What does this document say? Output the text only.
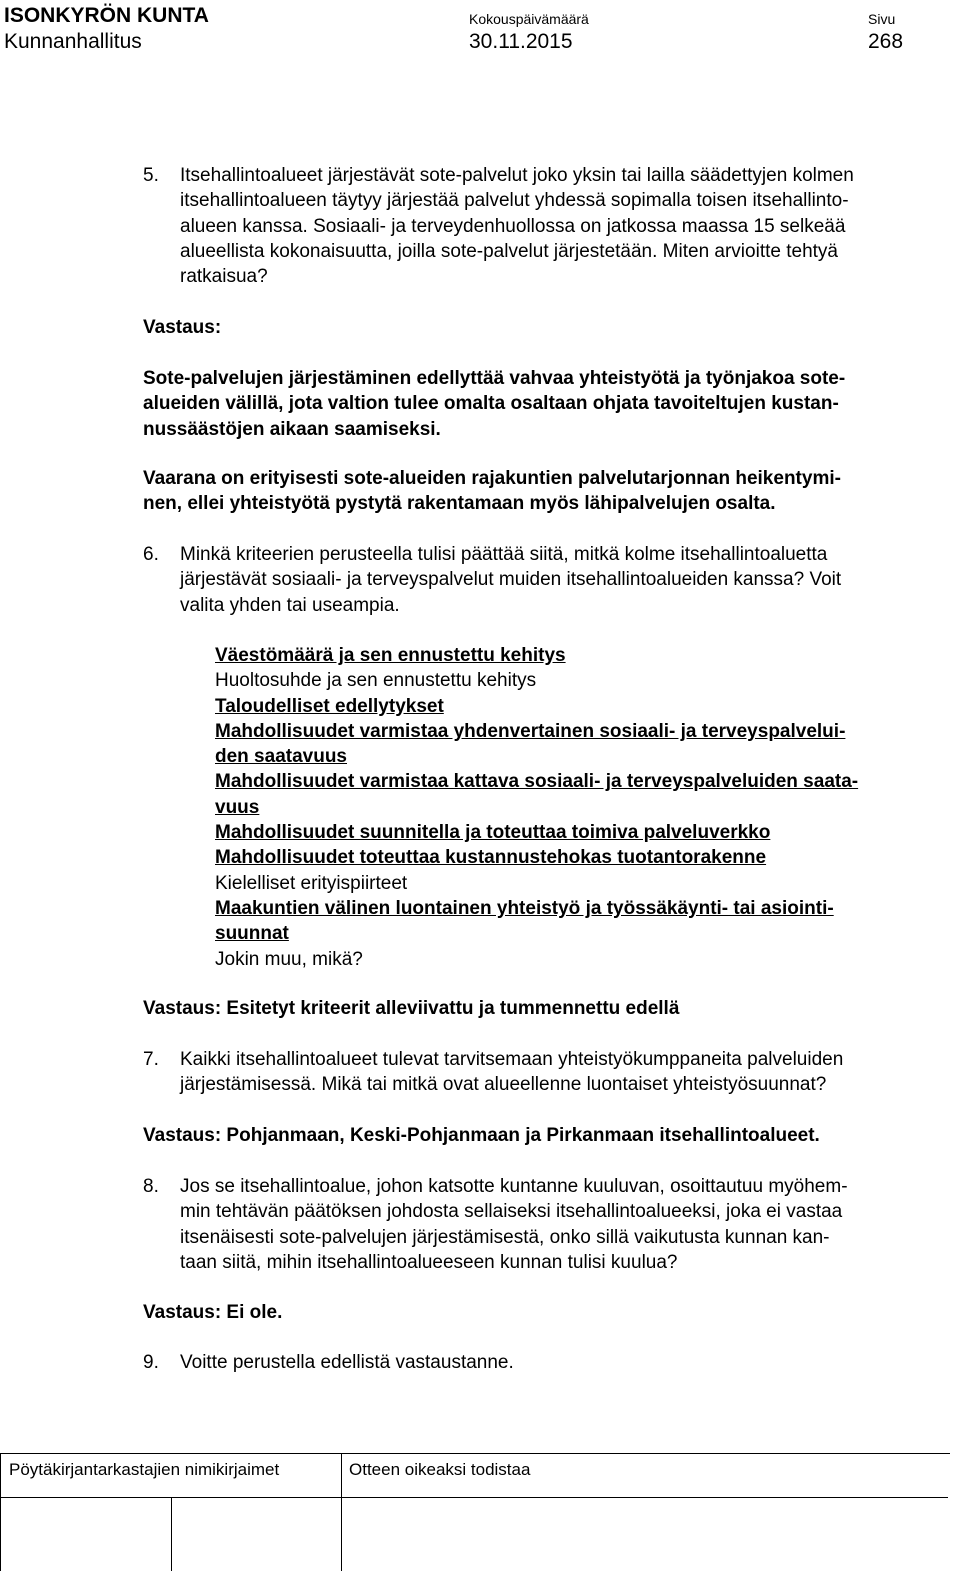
ISONKYRÖN KUNTA
Kunnanhallitus
Kokouspäivämäärä
30.11.2015
Sivu
268
5. Itsehallintoalueet järjestävät sote-palvelut joko yksin tai lailla säädettyjen kolmen
itsehallintoalueen täytyy järjestää palvelut yhdessä sopimalla toisen itsehallinto-
alueen kanssa. Sosiaali- ja terveydenhuollossa on jatkossa maassa 15 selkeää
alueellista kokonaisuutta, joilla sote-palvelut järjestetään. Miten arvioitte tehtyä
ratkaisua?
Vastaus:
Sote-palvelujen järjestäminen edellyttää vahvaa yhteistyötä ja työnjakoa sote-
alueiden välillä, jota valtion tulee omalta osaltaan ohjata tavoiteltujen kustan-
nussäästöjen aikaan saamiseksi.
Vaarana on erityisesti sote-alueiden rajakuntien palvelutarjonnan heikentymi-
nen, ellei yhteistyötä pystytä rakentamaan myös lähipalvelujen osalta.
6. Minkä kriteerien perusteella tulisi päättää siitä, mitkä kolme itsehallintoaluetta
järjestävät sosiaali- ja terveyspalvelut muiden itsehallintoalueiden kanssa? Voit
valita yhden tai useampia.
Väestömäärä ja sen ennustettu kehitys
Huoltosuhde ja sen ennustettu kehitys
Taloudelliset edellytykset
Mahdollisuudet varmistaa yhdenvertainen sosiaali- ja terveyspalvelui-
den saatavuus
Mahdollisuudet varmistaa kattava sosiaali- ja terveyspalveluiden saata-
vuus
Mahdollisuudet suunnitella ja toteuttaa toimiva palveluverkko
Mahdollisuudet toteuttaa kustannustehokas tuotantorakenne
Kielelliset erityispiirteet
Maakuntien välinen luontainen yhteistyö ja työssäkäynti- tai asiointi-
suunnat
Jokin muu, mikä?
Vastaus: Esitetyt kriteerit alleviivattu ja tummennettu edellä
7. Kaikki itsehallintoalueet tulevat tarvitsemaan yhteistyökumppaneita palveluiden
järjestämisessä. Mikä tai mitkä ovat alueellenne luontaiset yhteistyösuunnat?
Vastaus: Pohjanmaan, Keski-Pohjanmaan ja Pirkanmaan itsehallintoalueet.
8. Jos se itsehallintoalue, johon katsotte kuntanne kuuluvan, osoittautuu myöhem-
min tehtävän päätöksen johdosta sellaiseksi itsehallintoalueeksi, joka ei vastaa
itsenäisesti sote-palvelujen järjestämisestä, onko sillä vaikutusta kunnan kan-
taan siitä, mihin itsehallintoalueeseen kunnan tulisi kuulua?
Vastaus: Ei ole.
9. Voitte perustella edellistä vastaustanne.
Pöytäkirjantarkastajien nimikirjaimet	Otteen oikeaksi todistaa
